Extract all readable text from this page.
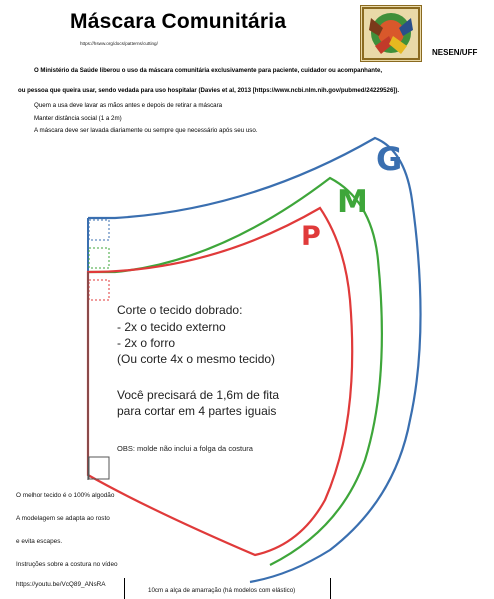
Máscara Comunitária
https://hsww.org/docs/patterns/cutting/
NESEN/UFF
O Ministério da Saúde liberou o uso da máscara comunitária exclusivamente para paciente, cuidador ou acompanhante,
ou pessoa que queira usar, sendo vedada para uso hospitalar (Davies et al, 2013 [https://www.ncbi.nlm.nih.gov/pubmed/24229526]).
Quem a usa deve lavar as mãos antes e depois de retirar a máscara
Manter distância social (1 a 2m)
A máscara deve ser lavada diariamente ou sempre que necessário após seu uso.
P
M
G
Corte o tecido dobrado:
- 2x o tecido externo
- 2x o forro
(Ou corte 4x o mesmo tecido)
Você precisará de 1,6m de fita
para cortar em 4 partes iguais
OBS: molde não inclui a folga da costura
O melhor tecido é o 100% algodão
A modelagem se adapta ao rosto
e evita escapes.
Instruções sobre a costura no vídeo
https://youtu.be/VcQ89_ANsRA
10cm a alça de amarração (há modelos com elástico)
